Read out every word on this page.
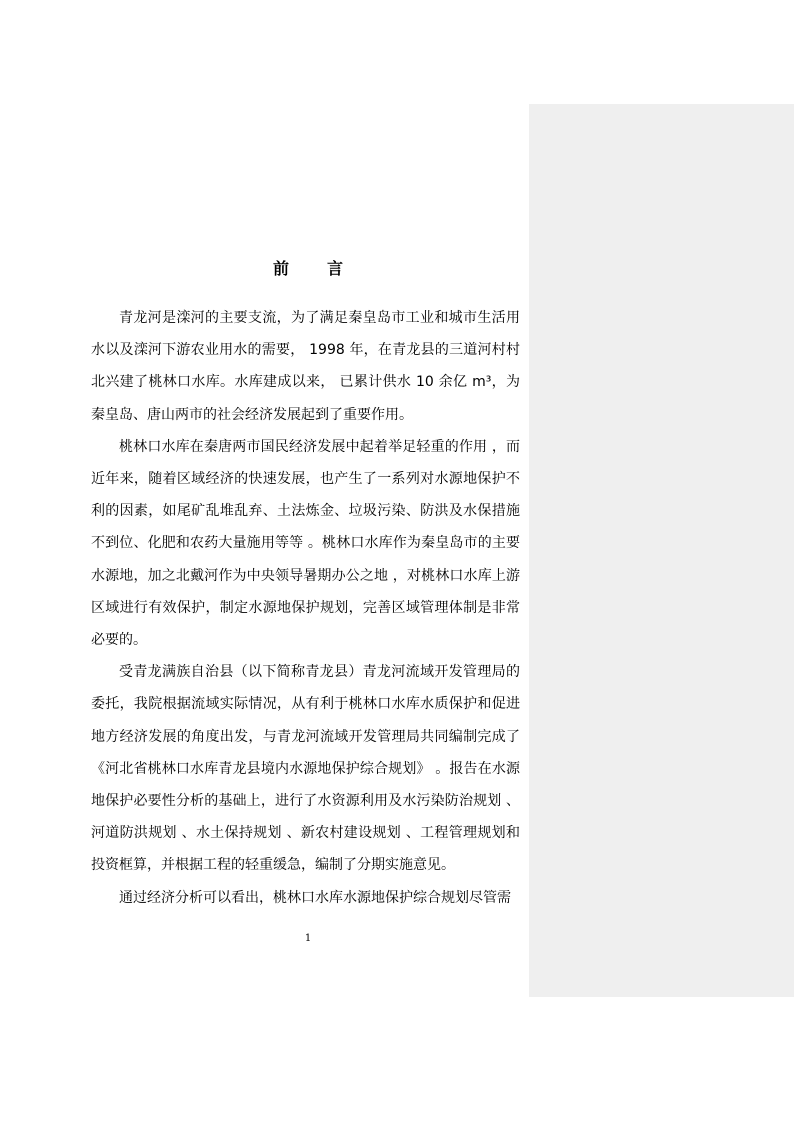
前 言

青龙河是滦河的主要支流，为了满足秦皇岛市工业和城市生活用水以及滦河下游农业用水的需要， 1998 年，在青龙县的三道河村村北兴建了桃林口水库。水库建成以来， 已累计供水 10 余亿 m³，为秦皇岛、唐山两市的社会经济发展起到了重要作用。

桃林口水库在秦唐两市国民经济发展中起着举足轻重的作用 ，而近年来，随着区域经济的快速发展，也产生了一系列对水源地保护不利的因素，如尾矿乱堆乱弃、土法炼金、垃圾污染、防洪及水保措施不到位、化肥和农药大量施用等等 。桃林口水库作为秦皇岛市的主要水源地，加之北戴河作为中央领导暑期办公之地 ，对桃林口水库上游区域进行有效保护，制定水源地保护规划，完善区域管理体制是非常必要的。

受青龙满族自治县（以下简称青龙县）青龙河流域开发管理局的委托，我院根据流域实际情况，从有利于桃林口水库水质保护和促进地方经济发展的角度出发，与青龙河流域开发管理局共同编制完成了《河北省桃林口水库青龙县境内水源地保护综合规划》 。报告在水源地保护必要性分析的基础上，进行了水资源利用及水污染防治规划 、河道防洪规划 、水土保持规划 、新农村建设规划 、工程管理规划和投资框算，并根据工程的轻重缓急，编制了分期实施意见。

通过经济分析可以看出，桃林口水库水源地保护综合规划尽管需

1
